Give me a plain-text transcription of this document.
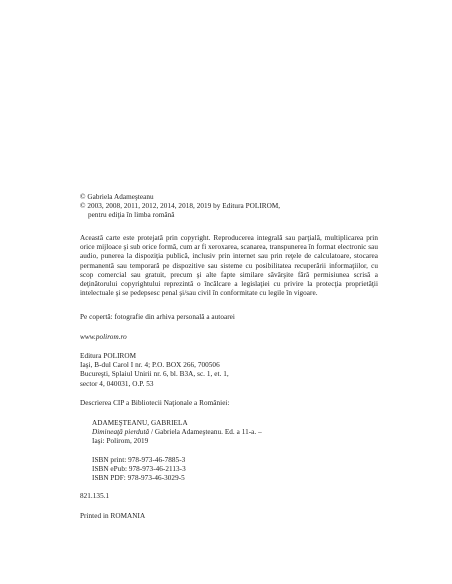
© Gabriela Adameşteanu
© 2003, 2008, 2011, 2012, 2014, 2018, 2019 by Editura POLIROM,
pentru ediţia în limba română
Această carte este protejată prin copyright. Reproducerea integrală sau parţială, multiplicarea prin orice mijloace şi sub orice formă, cum ar fi xeroxarea, scanarea, transpunerea în format electronic sau audio, punerea la dispoziţia publică, inclusiv prin internet sau prin reţele de calculatoare, stocarea permanentă sau temporară pe dispozitive sau sisteme cu posibilitatea recuperării informaţiilor, cu scop comercial sau gratuit, precum şi alte fapte similare săvârşite fără permisiunea scrisă a deţinătorului copyrightului reprezintă o încălcare a legislaţiei cu privire la protecţia proprietăţii intelectuale şi se pedepsesc penal şi/sau civil în conformitate cu legile în vigoare.
Pe copertă: fotografie din arhiva personală a autoarei
www.polirom.ro
Editura POLIROM
Iaşi, B-dul Carol I nr. 4; P.O. BOX 266, 700506
Bucureşti, Splaiul Unirii nr. 6, bl. B3A, sc. 1, et. 1,
sector 4, 040031, O.P. 53
Descrierea CIP a Bibliotecii Naţionale a României:
ADAMEŞTEANU, GABRIELA
Dimineaţă pierdută / Gabriela Adameşteanu. Ed. a 11-a. –
Iaşi: Polirom, 2019
ISBN print: 978-973-46-7885-3
ISBN ePub: 978-973-46-2113-3
ISBN PDF: 978-973-46-3029-5
821.135.1
Printed in ROMANIA
